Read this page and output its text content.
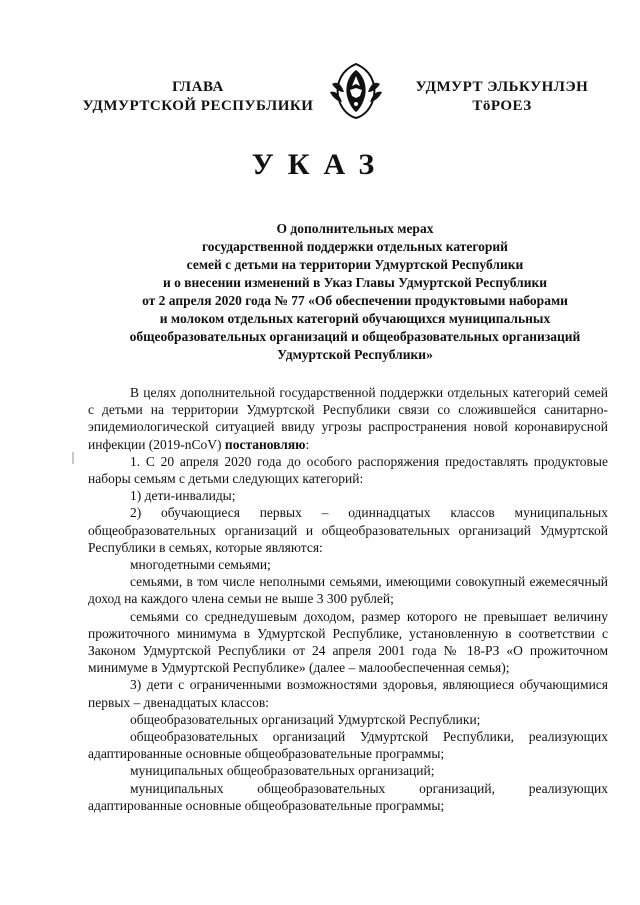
ГЛАВА
УДМУРТСКОЙ РЕСПУБЛИКИ
УДМУРТ ЭЛЬКУНЛЭН
ТӧРОЕЗ
УКАЗ
О дополнительных мерах
государственной поддержки отдельных категорий
семей с детьми на территории Удмуртской Республики
и о внесении изменений в Указ Главы Удмуртской Республики
от 2 апреля 2020 года № 77 «Об обеспечении продуктовыми наборами
и молоком отдельных категорий обучающихся муниципальных
общеобразовательных организаций и общеобразовательных организаций
Удмуртской Республики»

В целях дополнительной государственной поддержки отдельных категорий семей с детьми на территории Удмуртской Республики связи со сложившейся санитарно-эпидемиологической ситуацией ввиду угрозы распространения новой коронавирусной инфекции (2019-nCoV) постановляю:

1. С 20 апреля 2020 года до особого распоряжения предоставлять продуктовые наборы семьям с детьми следующих категорий:

1) дети-инвалиды;

2) обучающиеся первых – одиннадцатых классов муниципальных общеобразовательных организаций и общеобразовательных организаций Удмуртской Республики в семьях, которые являются:

многодетными семьями;

семьями, в том числе неполными семьями, имеющими совокупный ежемесячный доход на каждого члена семьи не выше 3 300 рублей;

семьями со среднедушевым доходом, размер которого не превышает величину прожиточного минимума в Удмуртской Республике, установленную в соответствии с Законом Удмуртской Республики от 24 апреля 2001 года № 18-РЗ «О прожиточном минимуме в Удмуртской Республике» (далее – малообеспеченная семья);

3) дети с ограниченными возможностями здоровья, являющиеся обучающимися первых – двенадцатых классов:

общеобразовательных организаций Удмуртской Республики;

общеобразовательных организаций Удмуртской Республики, реализующих адаптированные основные общеобразовательные программы;

муниципальных общеобразовательных организаций;

муниципальных общеобразовательных организаций, реализующих адаптированные основные общеобразовательные программы;
